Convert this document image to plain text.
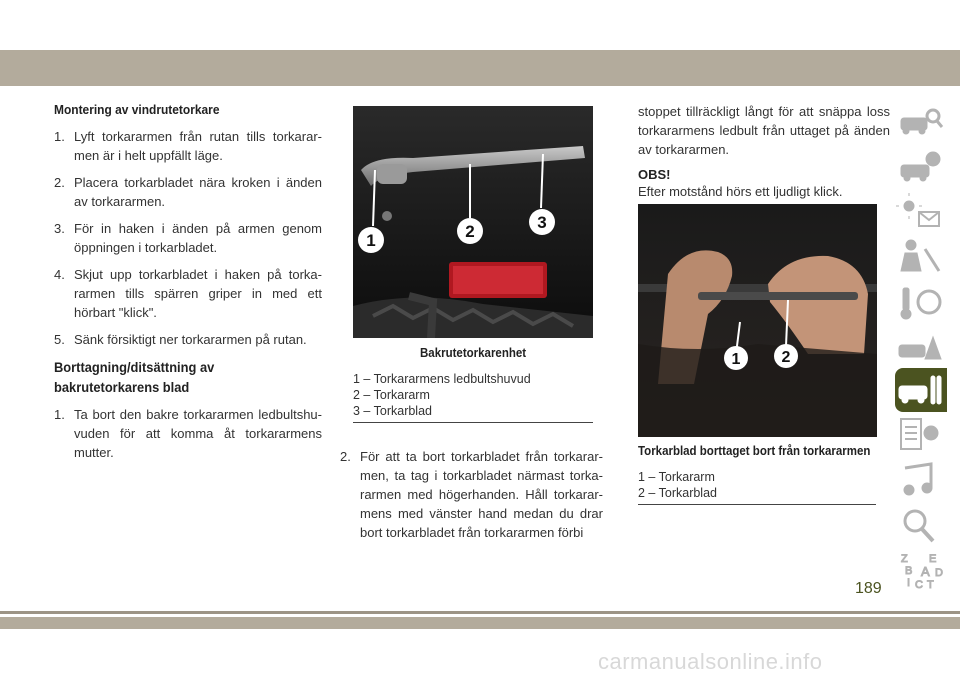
Montering av vindrutetorkare
1. Lyft torkararmen från rutan tills torkarar-men är i helt uppfällt läge.
2. Placera torkarbladet nära kroken i änden av torkararmen.
3. För in haken i änden på armen genom öppningen i torkarbladet.
4. Skjut upp torkarbladet i haken på torka-rarmen tills spärren griper in med ett hörbart "klick".
5. Sänk försiktigt ner torkararmen på rutan.
Borttagning/ditsättning av bakrutetorkarens blad
1. Ta bort den bakre torkararmen ledbultshu-vuden för att komma åt torkararmens mutter.
1	2	3
Bakrutetorkarenhet
1 – Torkararmens ledbultshuvud
2 – Torkararm
3 – Torkarblad
2. För att ta bort torkarbladet från torkarar-men, ta tag i torkarbladet närmast torka-rarmen med högerhanden. Håll torkarar-mens med vänster hand medan du drar bort torkarbladet från torkararmen förbi
stoppet tillräckligt långt för att snäppa loss torkararmens ledbult från uttaget på änden av torkararmen.
OBS!
Efter motstånd hörs ett ljudligt klick.
1	2
Torkarblad borttaget bort från torkararmen
1 – Torkararm
2 – Torkarblad
Z E
B A D
I C T
189
carmanualsonline.info
